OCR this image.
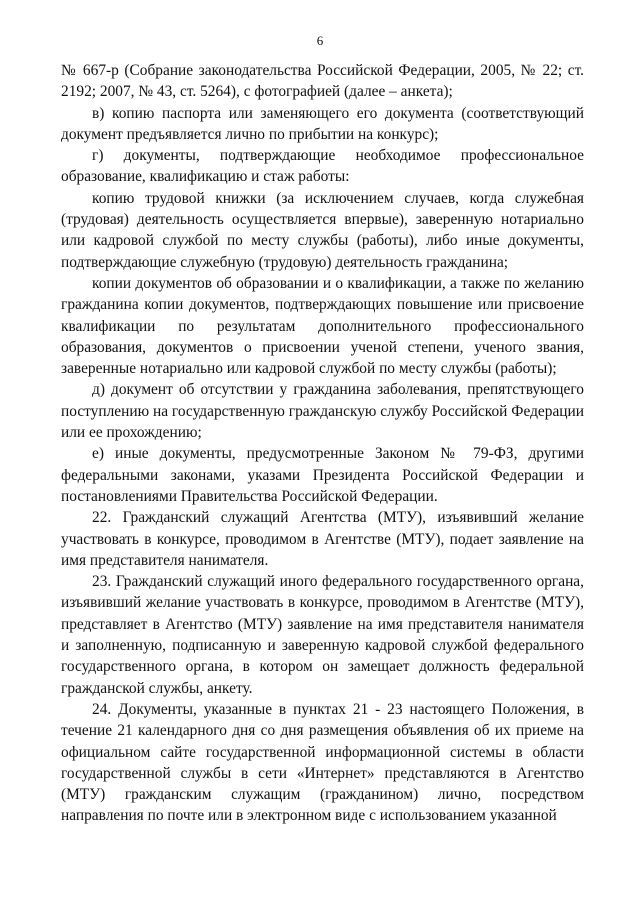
6

№ 667-р (Собрание законодательства Российской Федерации, 2005, № 22; ст. 2192; 2007, № 43, ст. 5264), с фотографией (далее – анкета);

в) копию паспорта или заменяющего его документа (соответствующий документ предъявляется лично по прибытии на конкурс);

г) документы, подтверждающие необходимое профессиональное образование, квалификацию и стаж работы:

копию трудовой книжки (за исключением случаев, когда служебная (трудовая) деятельность осуществляется впервые), заверенную нотариально или кадровой службой по месту службы (работы), либо иные документы, подтверждающие служебную (трудовую) деятельность гражданина;

копии документов об образовании и о квалификации, а также по желанию гражданина копии документов, подтверждающих повышение или присвоение квалификации по результатам дополнительного профессионального образования, документов о присвоении ученой степени, ученого звания, заверенные нотариально или кадровой службой по месту службы (работы);

д) документ об отсутствии у гражданина заболевания, препятствующего поступлению на государственную гражданскую службу Российской Федерации или ее прохождению;

е) иные документы, предусмотренные Законом № 79-ФЗ, другими федеральными законами, указами Президента Российской Федерации и постановлениями Правительства Российской Федерации.

22. Гражданский служащий Агентства (МТУ), изъявивший желание участвовать в конкурсе, проводимом в Агентстве (МТУ), подает заявление на имя представителя нанимателя.

23. Гражданский служащий иного федерального государственного органа, изъявивший желание участвовать в конкурсе, проводимом в Агентстве (МТУ), представляет в Агентство (МТУ) заявление на имя представителя нанимателя и заполненную, подписанную и заверенную кадровой службой федерального государственного органа, в котором он замещает должность федеральной гражданской службы, анкету.

24. Документы, указанные в пунктах 21 - 23 настоящего Положения, в течение 21 календарного дня со дня размещения объявления об их приеме на официальном сайте государственной информационной системы в области государственной службы в сети «Интернет» представляются в Агентство (МТУ) гражданским служащим (гражданином) лично, посредством направления по почте или в электронном виде с использованием указанной
